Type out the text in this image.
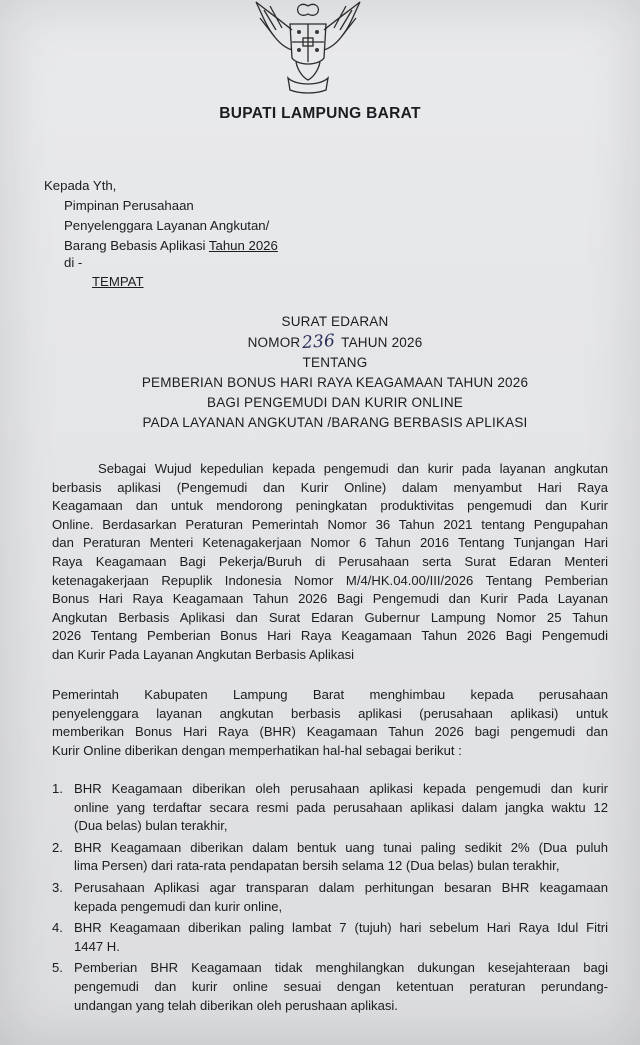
BUPATI LAMPUNG BARAT
Kepada Yth,
Pimpinan Perusahaan
Penyelenggara Layanan Angkutan/
Barang Bebasis Aplikasi Tahun 2026
di -
TEMPAT
SURAT EDARAN
NOMOR236 TAHUN 2026
TENTANG
PEMBERIAN BONUS HARI RAYA KEAGAMAAN TAHUN 2026
BAGI PENGEMUDI DAN KURIR ONLINE
PADA LAYANAN ANGKUTAN /BARANG BERBASIS APLIKASI
Sebagai Wujud kepedulian kepada pengemudi dan kurir pada layanan angkutan
berbasis aplikasi (Pengemudi dan Kurir Online) dalam menyambut Hari Raya
Keagamaan dan untuk mendorong peningkatan produktivitas pengemudi dan Kurir
Online. Berdasarkan Peraturan Pemerintah Nomor 36 Tahun 2021 tentang Pengupahan
dan Peraturan Menteri Ketenagakerjaan Nomor 6 Tahun 2016 Tentang Tunjangan Hari
Raya Keagamaan Bagi Pekerja/Buruh di Perusahaan serta Surat Edaran Menteri
ketenagakerjaan Repuplik Indonesia Nomor M/4/HK.04.00/III/2026 Tentang Pemberian
Bonus Hari Raya Keagamaan Tahun 2026 Bagi Pengemudi dan Kurir Pada Layanan
Angkutan Berbasis Aplikasi dan Surat Edaran Gubernur Lampung Nomor 25 Tahun
2026 Tentang Pemberian Bonus Hari Raya Keagamaan Tahun 2026 Bagi Pengemudi
dan Kurir Pada Layanan Angkutan Berbasis Aplikasi
Pemerintah Kabupaten Lampung Barat menghimbau kepada perusahaan
penyelenggara layanan angkutan berbasis aplikasi (perusahaan aplikasi) untuk
memberikan Bonus Hari Raya (BHR) Keagamaan Tahun 2026 bagi pengemudi dan
Kurir Online diberikan dengan memperhatikan hal-hal sebagai berikut :
1. BHR Keagamaan diberikan oleh perusahaan aplikasi kepada pengemudi dan kurir
online yang terdaftar secara resmi pada perusahaan aplikasi dalam jangka waktu 12
(Dua belas) bulan terakhir,
2. BHR Keagamaan diberikan dalam bentuk uang tunai paling sedikit 2% (Dua puluh
lima Persen) dari rata-rata pendapatan bersih selama 12 (Dua belas) bulan terakhir,
3. Perusahaan Aplikasi agar transparan dalam perhitungan besaran BHR keagamaan
kepada pengemudi dan kurir online,
4. BHR Keagamaan diberikan paling lambat 7 (tujuh) hari sebelum Hari Raya Idul Fitri
1447 H.
5. Pemberian BHR Keagamaan tidak menghilangkan dukungan kesejahteraan bagi
pengemudi dan kurir online sesuai dengan ketentuan peraturan perundang-
undangan yang telah diberikan oleh perushaan aplikasi.
